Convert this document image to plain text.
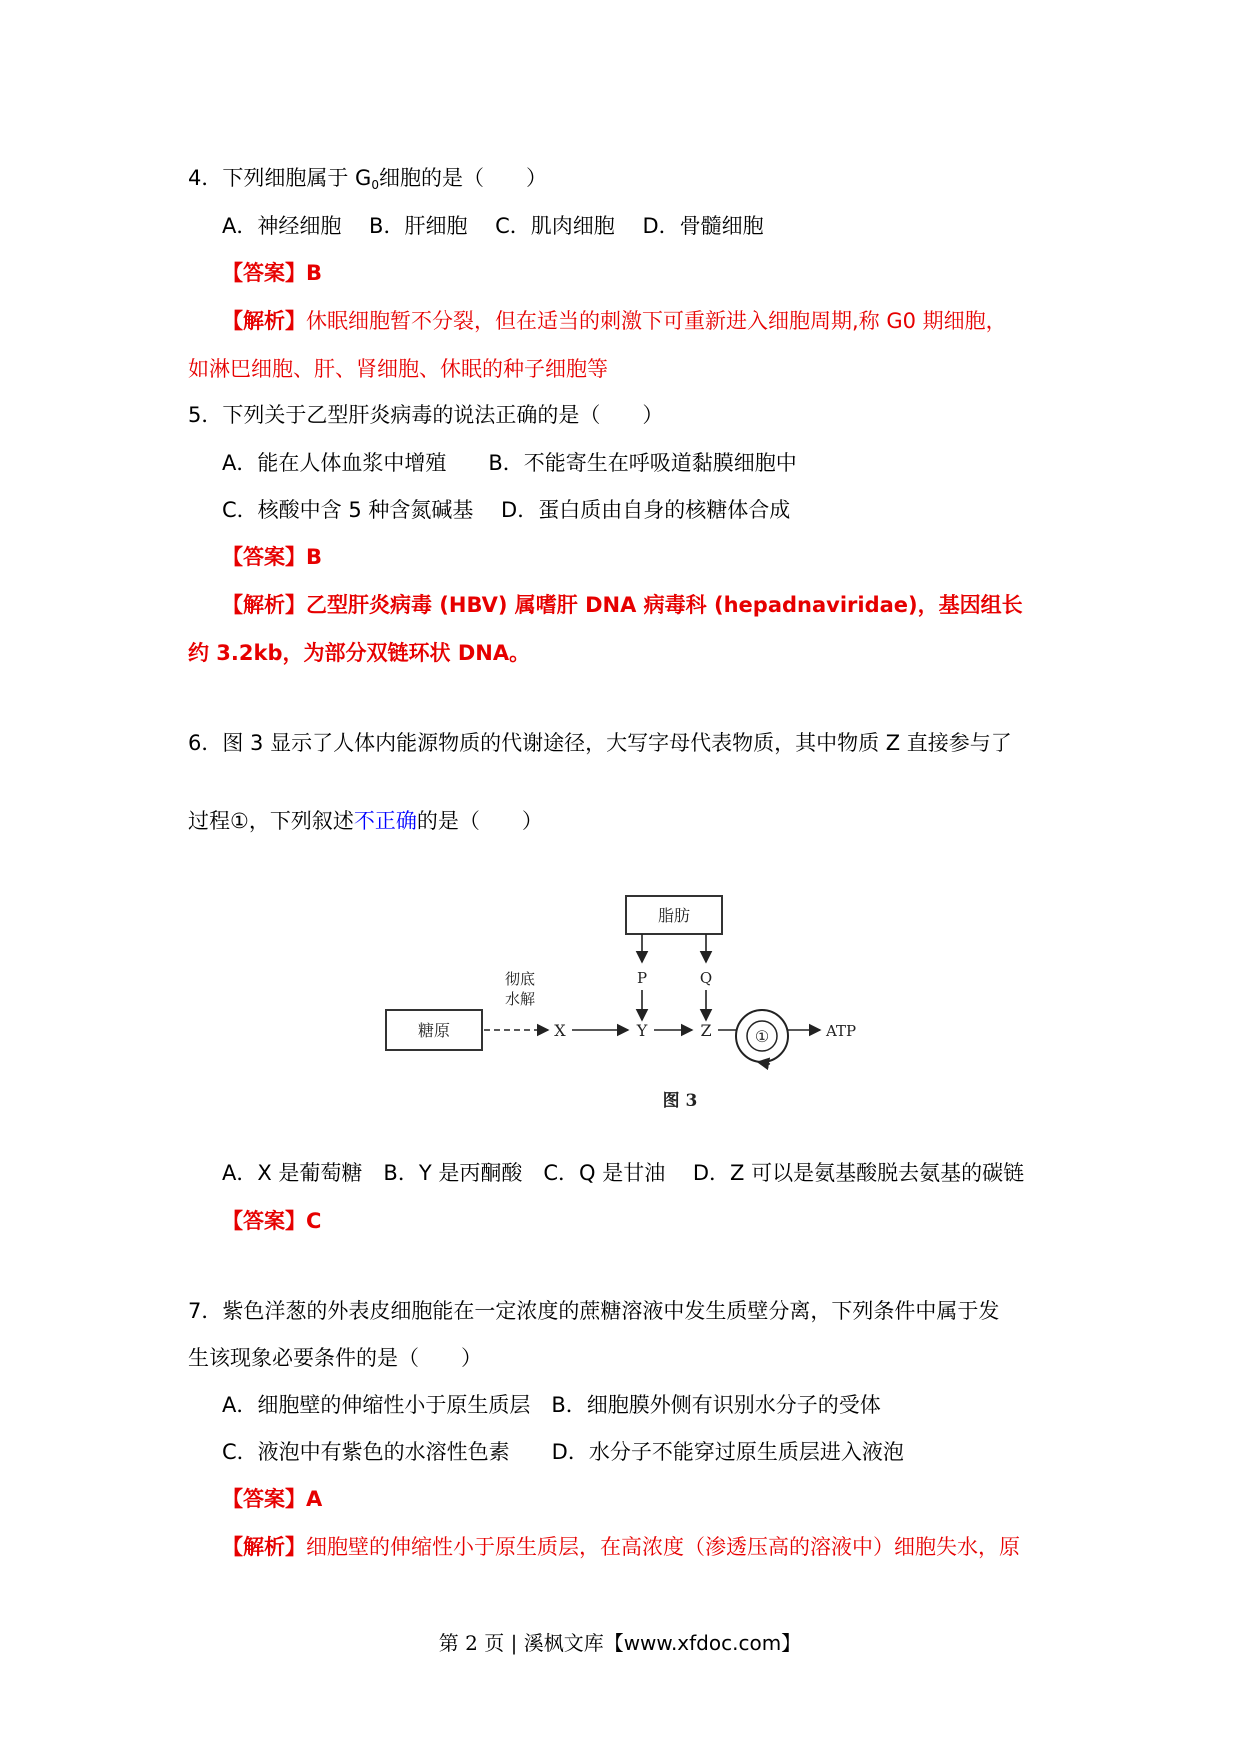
4．下列细胞属于 $G_0$细胞的是（　　）
A．神经细胞　 B．肝细胞　 C．肌肉细胞　 D．骨髓细胞
【答案】B
【解析】休眠细胞暂不分裂，但在适当的刺激下可重新进入细胞周期,称 G0 期细胞，
如淋巴细胞、肝、肾细胞、休眠的种子细胞等
5．下列关于乙型肝炎病毒的说法正确的是（　　）
A．能在人体血浆中增殖　　B．不能寄生在呼吸道黏膜细胞中
C．核酸中含 5 种含氮碱基　 D．蛋白质由自身的核糖体合成
【答案】B
【解析】乙型肝炎病毒 (HBV) 属嗜肝 DNA 病毒科 (hepadnaviridae)，基因组长
约 3.2kb，为部分双链环状 DNA。
6．图 3 显示了人体内能源物质的代谢途径，大写字母代表物质，其中物质 Z 直接参与了
过程①，下列叙述不正确的是（　　）
脂肪
P	Q
糖原
彻底
水解
X	Y	Z	①	ATP
图 3
A．X 是葡萄糖　B．Y 是丙酮酸　C．Q 是甘油　 D．Z 可以是氨基酸脱去氨基的碳链
【答案】C
7．紫色洋葱的外表皮细胞能在一定浓度的蔗糖溶液中发生质壁分离，下列条件中属于发
生该现象必要条件的是（　　）
A．细胞壁的伸缩性小于原生质层　B．细胞膜外侧有识别水分子的受体
C．液泡中有紫色的水溶性色素　　D．水分子不能穿过原生质层进入液泡
【答案】A
【解析】细胞壁的伸缩性小于原生质层，在高浓度（渗透压高的溶液中）细胞失水，原
第 2 页 | 溪枫文库【www.xfdoc.com】
